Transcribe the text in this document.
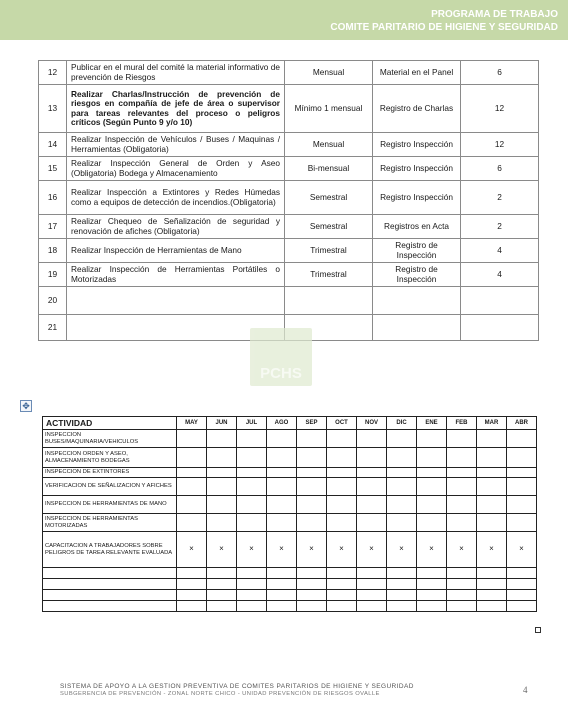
PROGRAMA DE TRABAJO
COMITE PARITARIO DE HIGIENE Y SEGURIDAD
12	Publicar en el mural del comité la material informativo de prevención de Riesgos	Mensual	Material en el Panel	6
13	Realizar Charlas/Instrucción de prevención de riesgos en compañía de jefe de área o supervisor para tareas relevantes del proceso o peligros críticos (Según Punto 9 y/o 10)	Mínimo 1 mensual	Registro de Charlas	12
14	Realizar Inspección de Vehículos / Buses / Maquinas / Herramientas (Obligatoria)	Mensual	Registro Inspección	12
15	Realizar Inspección General de Orden y Aseo (Obligatoria) Bodega y Almacenamiento	Bi-mensual	Registro Inspección	6
16	Realizar Inspección a Extintores y Redes Húmedas como a equipos de detección de incendios.(Obligatoria)	Semestral	Registro Inspección	2
17	Realizar Chequeo de Señalización de seguridad y renovación de afiches (Obligatoria)	Semestral	Registros en Acta	2
18	Realizar Inspección de Herramientas de Mano	Trimestral	Registro de Inspección	4
19	Realizar Inspección de Herramientas Portátiles o Motorizadas	Trimestral	Registro de Inspección	4
20				
21				
PCHS
✥
ACTIVIDAD	MAY	JUN	JUL	AGO	SEP	OCT	NOV	DIC	ENE	FEB	MAR	ABR
INSPECCION BUSES/MAQUINARIA/VEHICULOS												
INSPECCION ORDEN Y ASEO, ALMACENAMIENTO BODEGAS												
INSPECCION DE EXTINTORES												
VERIFICACION DE SEÑALIZACION Y AFICHES												
INSPECCION DE HERRAMIENTAS DE MANO												
INSPECCION DE HERRAMIENTAS MOTORIZADAS												
CAPACITACION A TRABAJADORES SOBRE PELIGROS DE TAREA RELEVANTE EVALUADA	×	×	×	×	×	×	×	×	×	×	×	×

SISTEMA DE APOYO A LA GESTION PREVENTIVA DE COMITES PARITARIOS DE HIGIENE Y SEGURIDAD
SUBGERENCIA DE PREVENCIÓN - ZONAL NORTE CHICO - UNIDAD PREVENCIÓN DE RIESGOS OVALLE	4
